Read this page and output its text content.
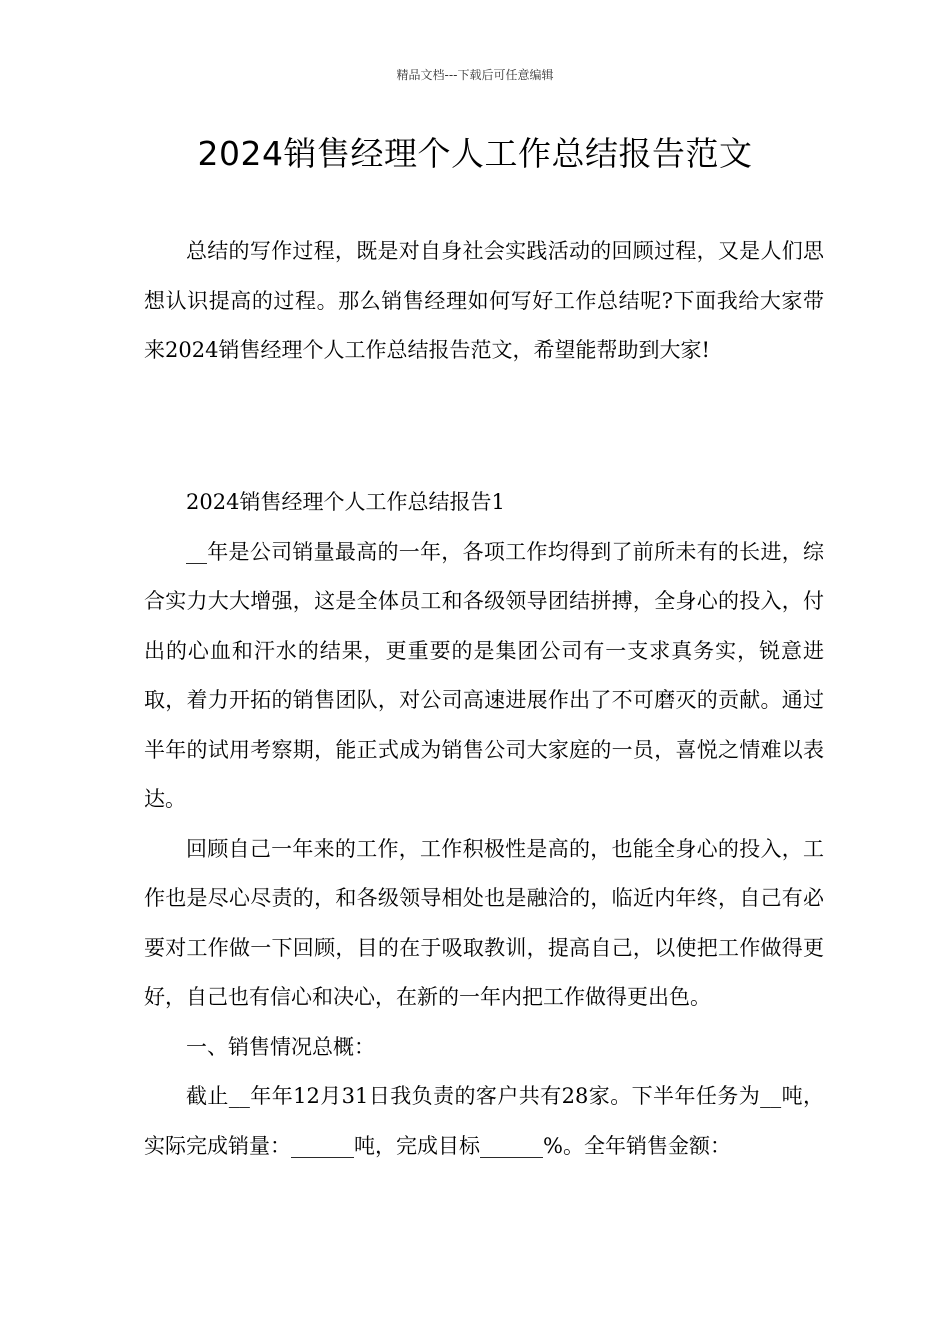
精品文档---下载后可任意编辑
2024销售经理个人工作总结报告范文

总结的写作过程，既是对自身社会实践活动的回顾过程，又是人们思想认识提高的过程。那么销售经理如何写好工作总结呢?下面我给大家带来2024销售经理个人工作总结报告范文，希望能帮助到大家!

2024销售经理个人工作总结报告1

__年是公司销量最高的一年，各项工作均得到了前所未有的长进，综合实力大大增强，这是全体员工和各级领导团结拼搏，全身心的投入，付出的心血和汗水的结果，更重要的是集团公司有一支求真务实，锐意进取，着力开拓的销售团队，对公司高速进展作出了不可磨灭的贡献。通过半年的试用考察期，能正式成为销售公司大家庭的一员，喜悦之情难以表达。

回顾自己一年来的工作，工作积极性是高的，也能全身心的投入，工作也是尽心尽责的，和各级领导相处也是融洽的，临近内年终，自己有必要对工作做一下回顾，目的在于吸取教训，提高自己，以使把工作做得更好，自己也有信心和决心，在新的一年内把工作做得更出色。

一、销售情况总概：

截止__年年12月31日我负责的客户共有28家。下半年任务为__吨，实际完成销量：______吨，完成目标______%。全年销售金额：
